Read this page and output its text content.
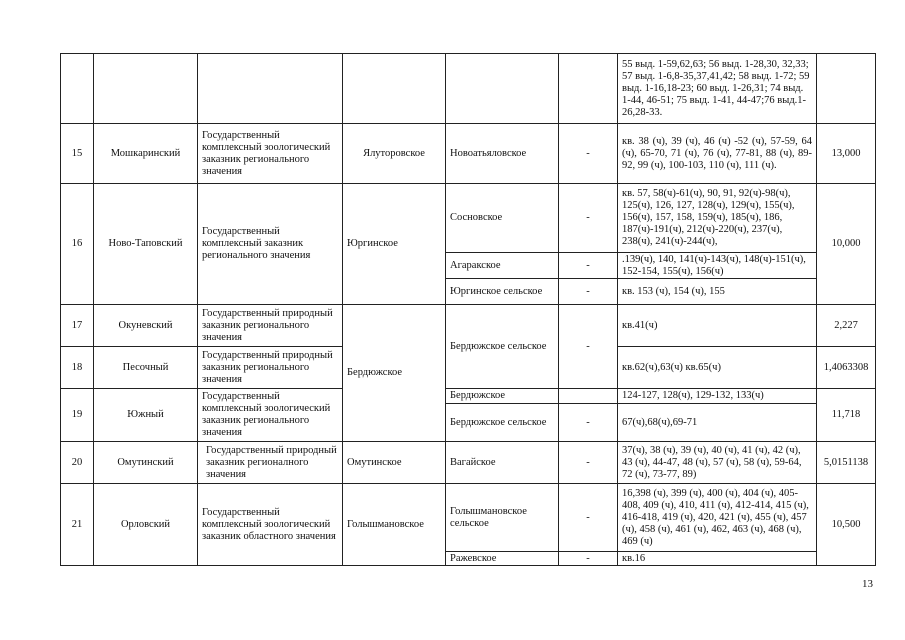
						55 выд. 1-59,62,63; 56 выд. 1-28,30, 32,33; 57 выд. 1-6,8-35,37,41,42; 58 выд. 1-72; 59 выд. 1-16,18-23; 60 выд. 1-26,31; 74 выд. 1-44, 46-51; 75 выд. 1-41, 44-47;76 выд.1-26,28-33.	
15	Мошкаринский	Государственный комплексный зоологический заказник регионального значения	Ялуторовское	Новоатьяловское	-	кв. 38 (ч), 39 (ч), 46 (ч) -52 (ч), 57-59, 64 (ч), 65-70, 71 (ч), 76 (ч), 77-81, 88 (ч), 89-92, 99 (ч), 100-103, 110 (ч), 111 (ч).	13,000
16	Ново-Таповский	Государственный комплексный заказник регионального значения	Юргинское	Сосновское	-	кв. 57, 58(ч)-61(ч), 90, 91, 92(ч)-98(ч), 125(ч), 126, 127, 128(ч), 129(ч), 155(ч), 156(ч), 157, 158, 159(ч), 185(ч), 186, 187(ч)-191(ч), 212(ч)-220(ч), 237(ч), 238(ч), 241(ч)-244(ч),	10,000
				Агаракское	-	.139(ч), 140, 141(ч)-143(ч), 148(ч)-151(ч), 152-154, 155(ч), 156(ч)	
				Юргинское сельское	-	кв. 153 (ч), 154 (ч), 155	
17	Окуневский	Государственный природный заказник регионального значения	Бердюжское	Бердюжское сельское	-	кв.41(ч)	2,227
18	Песочный	Государственный природный заказник регионального значения				кв.62(ч),63(ч) кв.65(ч)	1,4063308
19	Южный	Государственный комплексный зоологический заказник регионального значения		Бердюжское		124-127, 128(ч), 129-132, 133(ч)	11,718
				Бердюжское сельское	-	67(ч),68(ч),69-71	
20	Омутинский	Государственный природный заказник регионалного значения	Омутинское	Вагайское	-	37(ч), 38 (ч), 39 (ч), 40 (ч), 41 (ч), 42 (ч), 43 (ч), 44-47, 48 (ч), 57 (ч), 58 (ч), 59-64, 72 (ч), 73-77, 89)	5,0151138
21	Орловский	Государственный комплексный зоологический заказник областного значения	Голышмановское	Голышмановское сельское	-	16,398 (ч), 399 (ч), 400 (ч), 404 (ч), 405-408, 409 (ч), 410, 411 (ч), 412-414, 415 (ч), 416-418, 419 (ч), 420, 421 (ч), 455 (ч), 457 (ч), 458 (ч), 461 (ч), 462, 463 (ч), 468 (ч), 469 (ч)	10,500
				Ражевское	-	кв.16	
13
